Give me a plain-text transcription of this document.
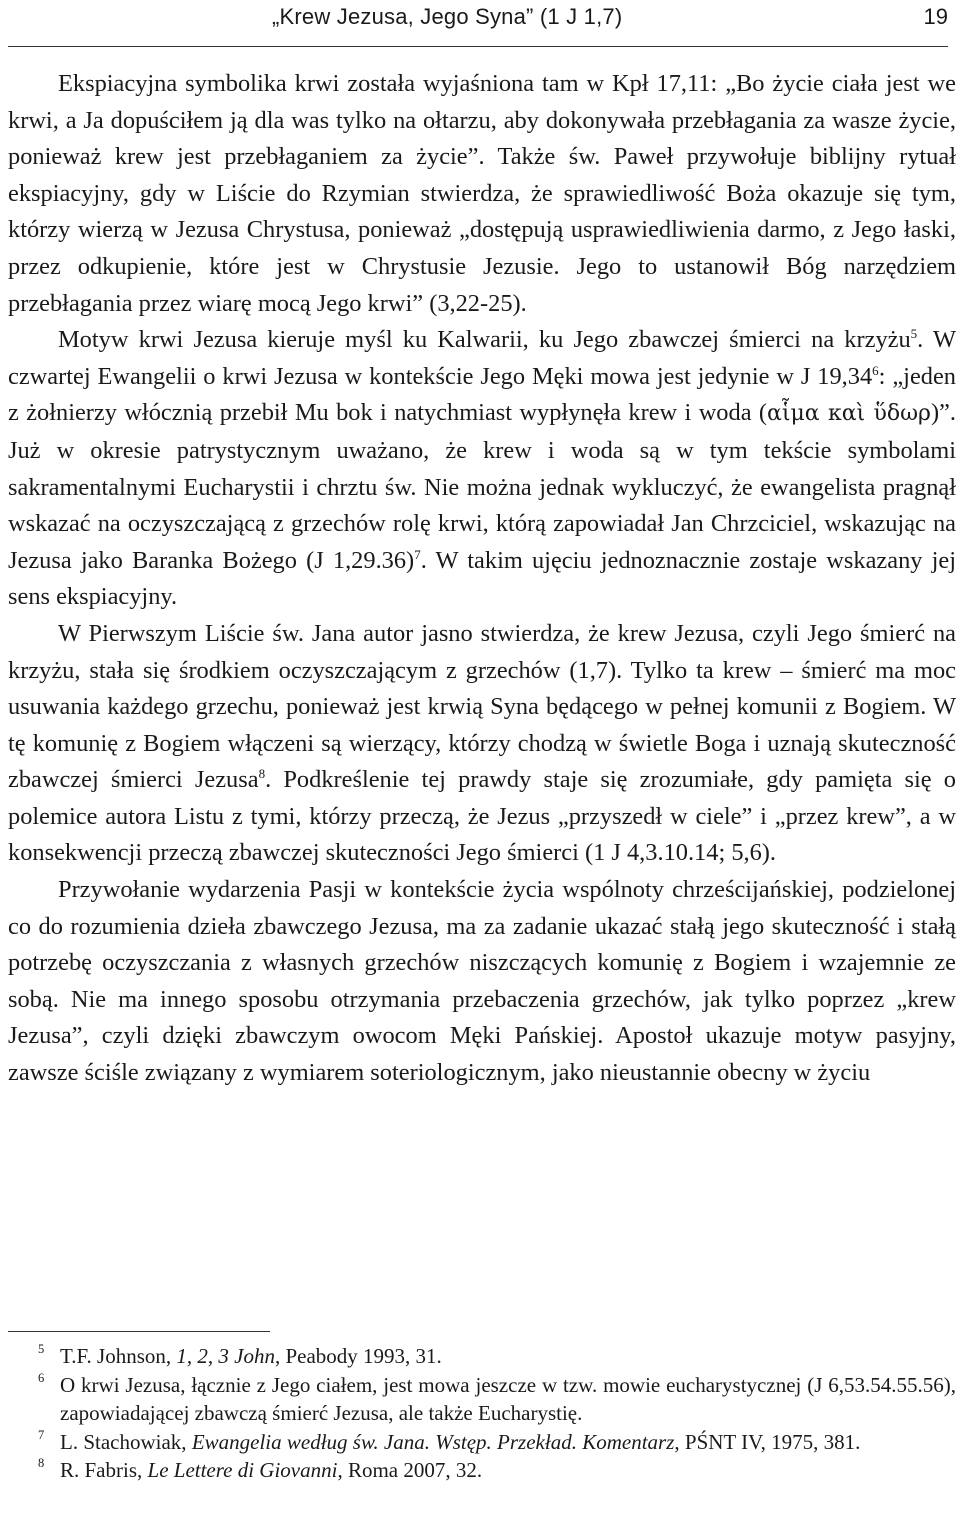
„Krew Jezusa, Jego Syna” (1 J 1,7)	19

Ekspiacyjna symbolika krwi została wyjaśniona tam w Kpł 17,11: „Bo życie ciała jest we krwi, a Ja dopuściłem ją dla was tylko na ołtarzu, aby dokonywała przebłagania za wasze życie, ponieważ krew jest przebłaganiem za życie”. Także św. Paweł przywołuje biblijny rytuał ekspiacyjny, gdy w Liście do Rzymian stwierdza, że sprawiedliwość Boża okazuje się tym, którzy wierzą w Jezusa Chrystusa, ponieważ „dostępują usprawiedliwienia darmo, z Jego łaski, przez odkupienie, które jest w Chrystusie Jezusie. Jego to ustanowił Bóg narzędziem przebłagania przez wiarę mocą Jego krwi” (3,22-25).

Motyw krwi Jezusa kieruje myśl ku Kalwarii, ku Jego zbawczej śmierci na krzyżu$^5$. W czwartej Ewangelii o krwi Jezusa w kontekście Jego Męki mowa jest jedynie w J 19,34$^6$: „jeden z żołnierzy włócznią przebił Mu bok i natychmiast wypłynęła krew i woda (αἷμα καὶ ὕδωρ)”. Już w okresie patrystycznym uważano, że krew i woda są w tym tekście symbolami sakramentalnymi Eucharystii i chrztu św. Nie można jednak wykluczyć, że ewangelista pragnął wskazać na oczyszczającą z grzechów rolę krwi, którą zapowiadał Jan Chrzciciel, wskazując na Jezusa jako Baranka Bożego (J 1,29.36)$^7$. W takim ujęciu jednoznacznie zostaje wskazany jej sens ekspiacyjny.

W Pierwszym Liście św. Jana autor jasno stwierdza, że krew Jezusa, czyli Jego śmierć na krzyżu, stała się środkiem oczyszczającym z grzechów (1,7). Tylko ta krew – śmierć ma moc usuwania każdego grzechu, ponieważ jest krwią Syna będącego w pełnej komunii z Bogiem. W tę komunię z Bogiem włączeni są wierzący, którzy chodzą w świetle Boga i uznają skuteczność zbawczej śmierci Jezusa$^8$. Podkreślenie tej prawdy staje się zrozumiałe, gdy pamięta się o polemice autora Listu z tymi, którzy przeczą, że Jezus „przyszedł w ciele” i „przez krew”, a w konsekwencji przeczą zbawczej skuteczności Jego śmierci (1 J 4,3.10.14; 5,6).

Przywołanie wydarzenia Pasji w kontekście życia wspólnoty chrześcijańskiej, podzielonej co do rozumienia dzieła zbawczego Jezusa, ma za zadanie ukazać stałą jego skuteczność i stałą potrzebę oczyszczania z własnych grzechów niszczących komunię z Bogiem i wzajemnie ze sobą. Nie ma innego sposobu otrzymania przebaczenia grzechów, jak tylko poprzez „krew Jezusa”, czyli dzięki zbawczym owocom Męki Pańskiej. Apostoł ukazuje motyw pasyjny, zawsze ściśle związany z wymiarem soteriologicznym, jako nieustannie obecny w życiu

5 T.F. Johnson, 1, 2, 3 John, Peabody 1993, 31.
6 O krwi Jezusa, łącznie z Jego ciałem, jest mowa jeszcze w tzw. mowie eucharystycznej (J 6,53.54.55.56), zapowiadającej zbawczą śmierć Jezusa, ale także Eucharystię.
7 L. Stachowiak, Ewangelia według św. Jana. Wstęp. Przekład. Komentarz, PŚNT IV, 1975, 381.
8 R. Fabris, Le Lettere di Giovanni, Roma 2007, 32.
